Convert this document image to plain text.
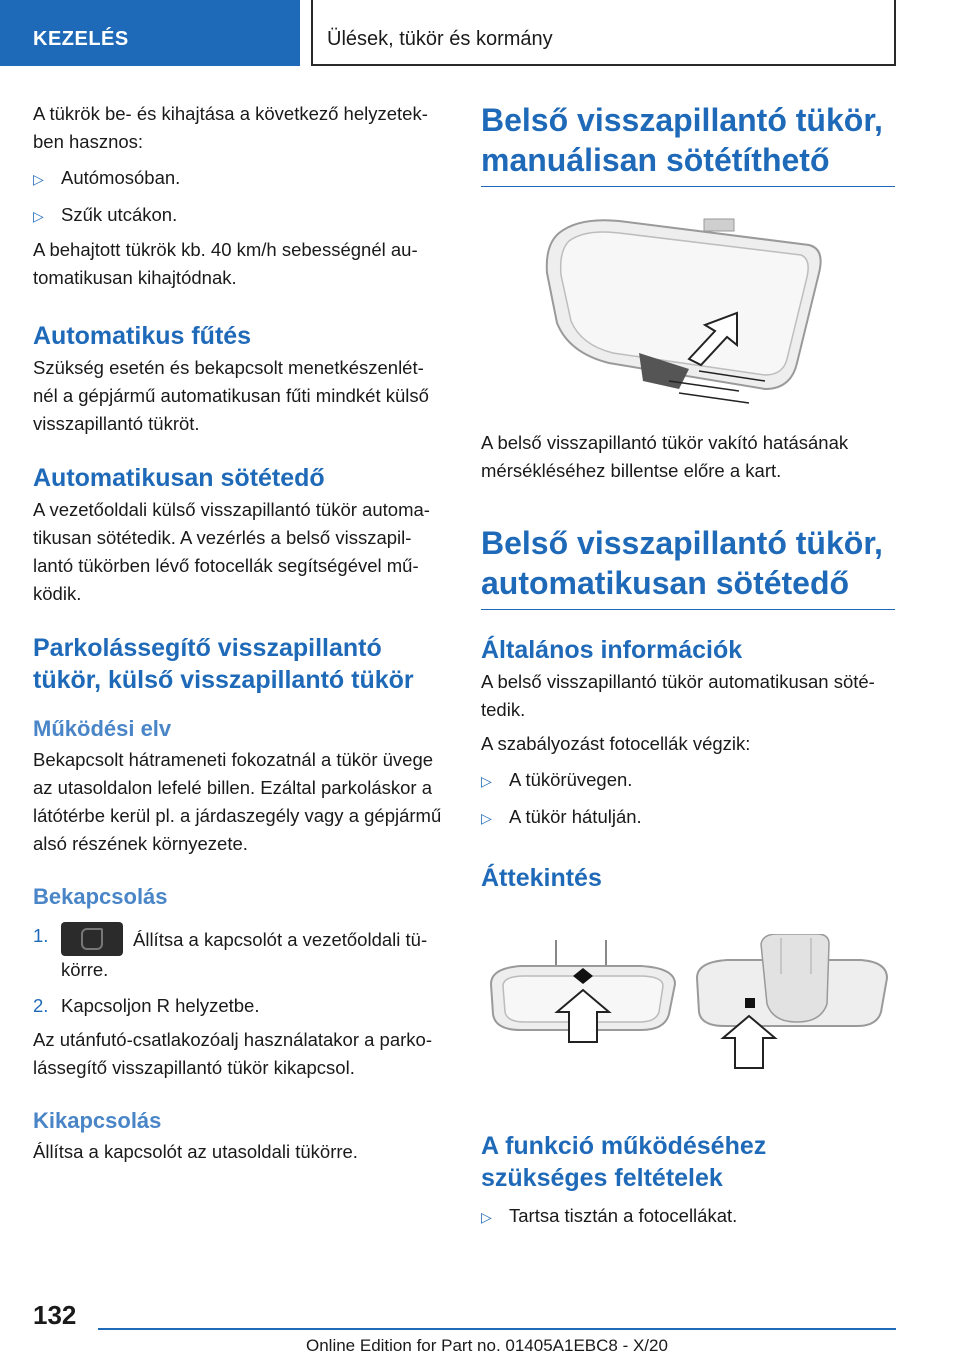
KEZELÉS	Ülések, tükör és kormány

A tükrök be- és kihajtása a következő helyzetek-
ben hasznos:

▷ Autómosóban.
▷ Szűk utcákon.

A behajtott tükrök kb. 40 km/h sebességnél au-
tomatikusan kihajtódnak.

Automatikus fűtés

Szükség esetén és bekapcsolt menetkészenlét-
nél a gépjármű automatikusan fűti mindkét külső
visszapillantó tükröt.

Automatikusan sötétedő

A vezetőoldali külső visszapillantó tükör automa-
tikusan sötétedik. A vezérlés a belső visszapil-
lantó tükörben lévő fotocellák segítségével mű-
ködik.

Parkolássegítő visszapillantó
tükör, külső visszapillantó tükör
Működési elv

Bekapcsolt hátrameneti fokozatnál a tükör üvege
az utasoldalon lefelé billen. Ezáltal parkoláskor a
látótérbe kerül pl. a járdaszegély vagy a gépjármű
alsó részének környezete.

Bekapcsolás
1.	Állítsa a kapcsolót a vezetőoldali tü-
körre.
2. Kapcsoljon R helyzetbe.

Az utánfutó-csatlakozóalj használatakor a parko-
lássegítő visszapillantó tükör kikapcsol.

Kikapcsolás

Állítsa a kapcsolót az utasoldali tükörre.

Belső visszapillantó tükör,
manuálisan sötétíthető

A belső visszapillantó tükör vakító hatásának
mérsékléséhez billentse előre a kart.

Belső visszapillantó tükör,
automatikusan sötétedő
Általános információk

A belső visszapillantó tükör automatikusan söté-
tedik.

A szabályozást fotocellák végzik:

▷ A tükörüvegen.
▷ A tükör hátulján.
Áttekintés
A funkció működéséhez
szükséges feltételek
▷ Tartsa tisztán a fotocellákat.
132
Online Edition for Part no. 01405A1EBC8 - X/20
